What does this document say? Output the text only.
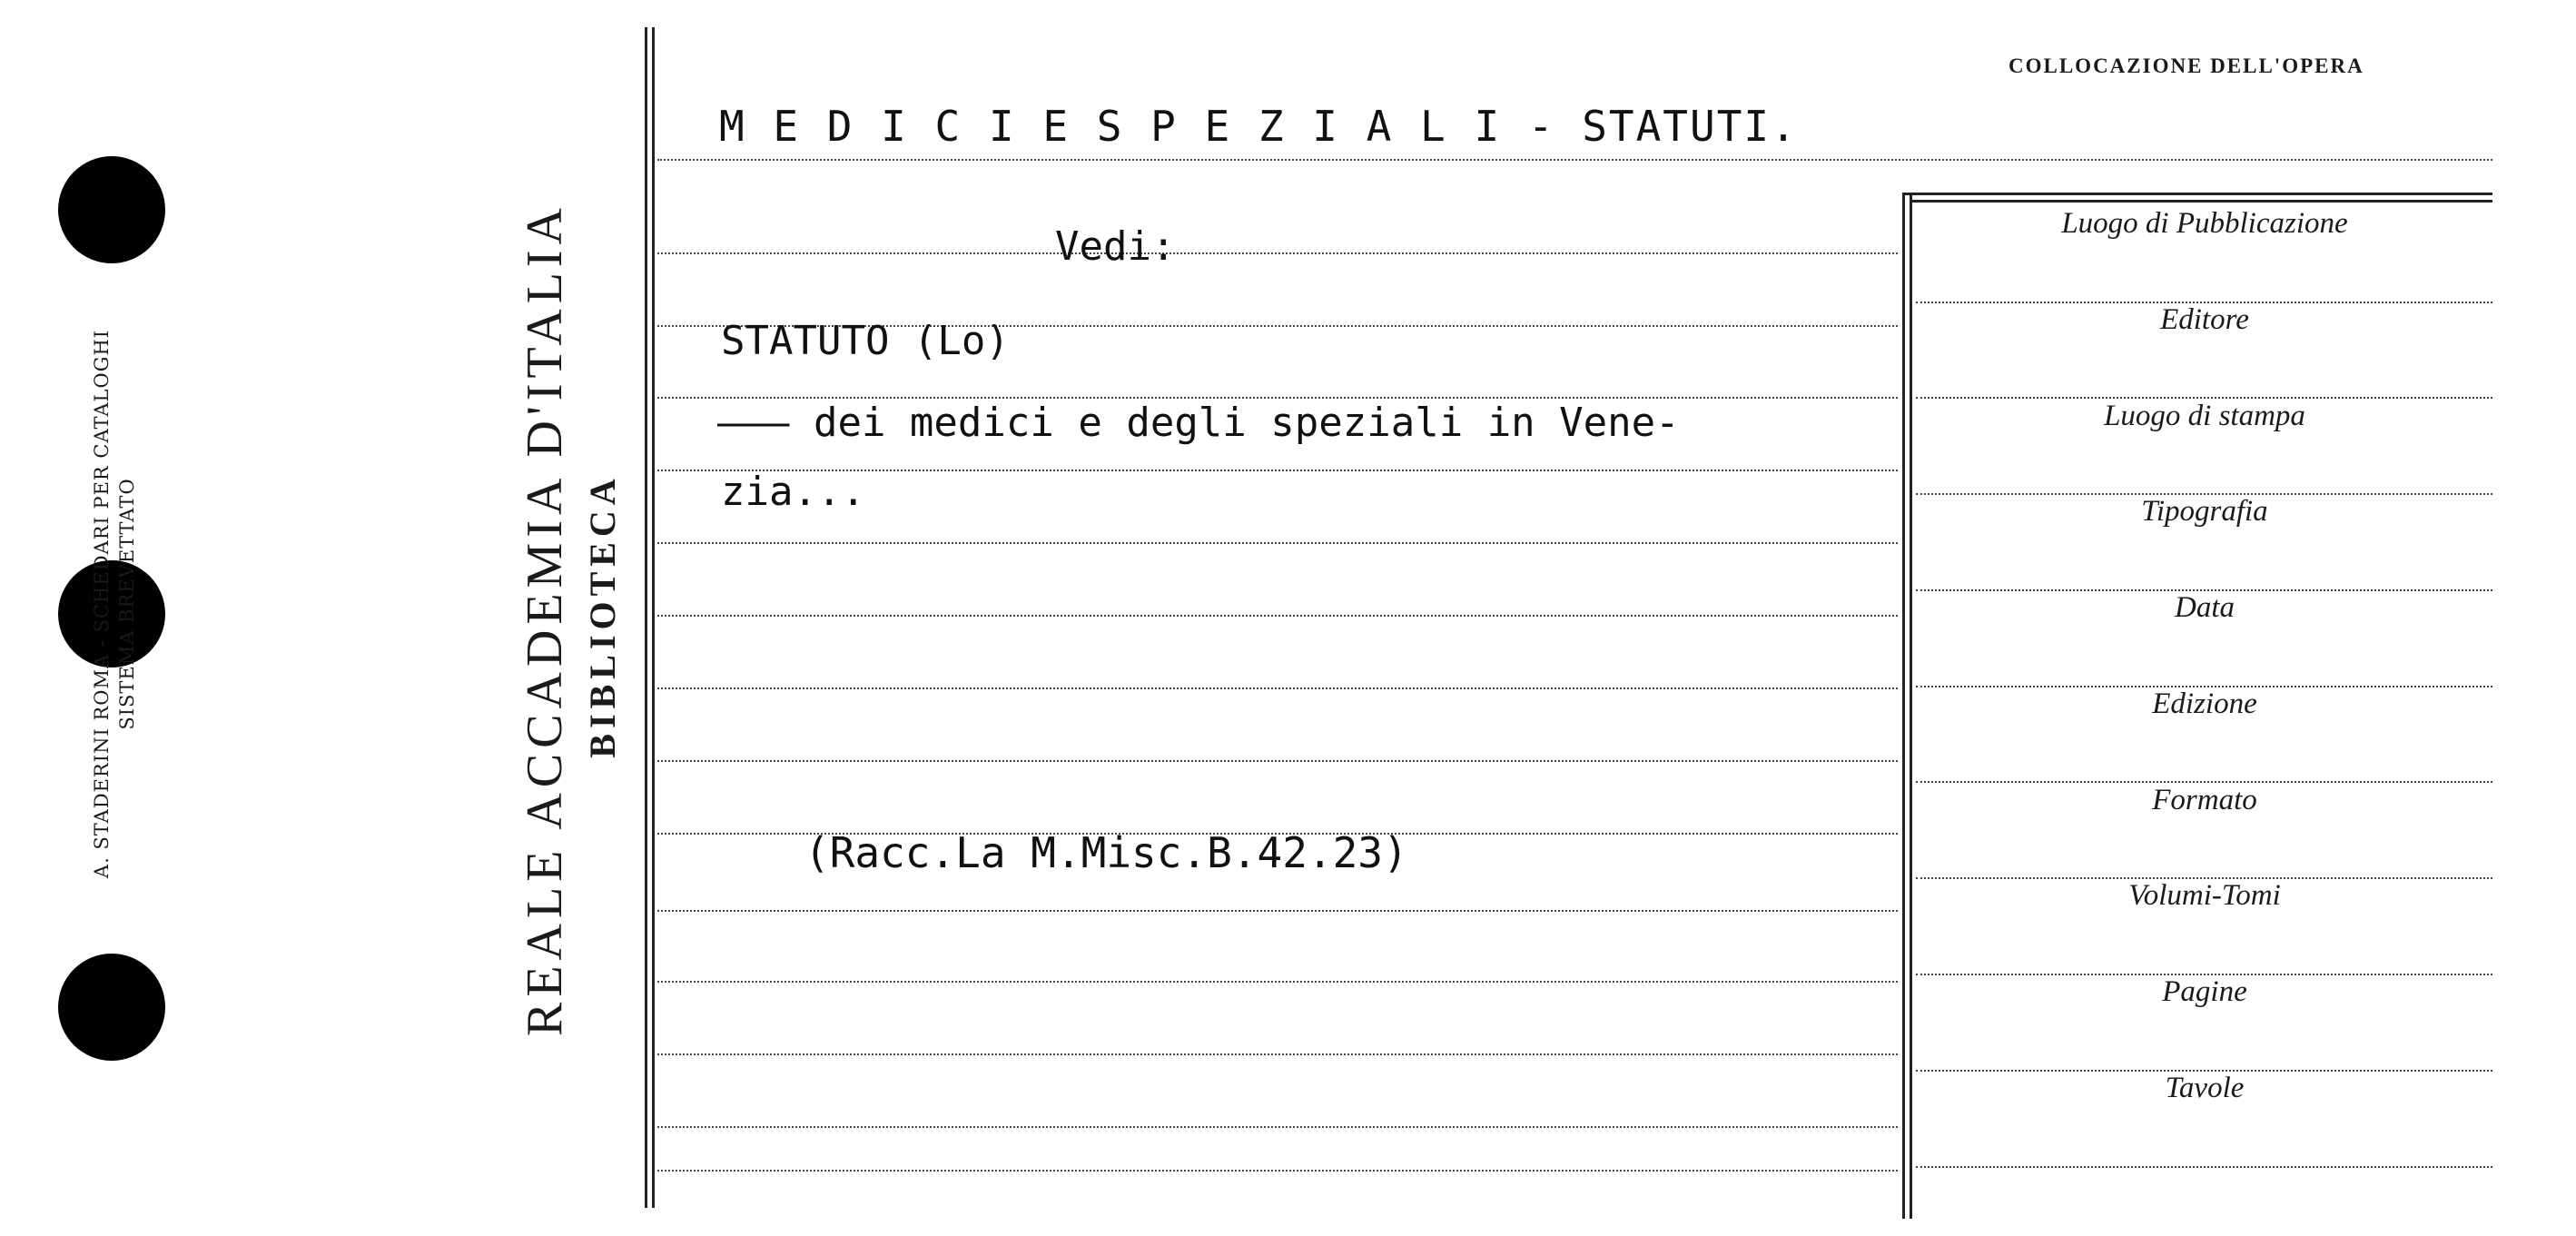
A. STADERINI ROMA - SCHEDARI PER CATALOGHI SISTEMA BREVETTATO	REALE ACCADEMIA D'ITALIA BIBLIOTECA
COLLOCAZIONE DELL'OPERA
M E D I C I E S P E Z I A L I - STATUTI.
Vedi:
STATUTO (Lo)
——— dei medici e degli speziali in Vene-
zia...
(Racc.La M.Misc.B.42.23)
Luogo di Pubblicazione
Editore
Luogo di stampa
Tipografia
Data
Edizione
Formato
Volumi-Tomi
Pagine
Tavole
